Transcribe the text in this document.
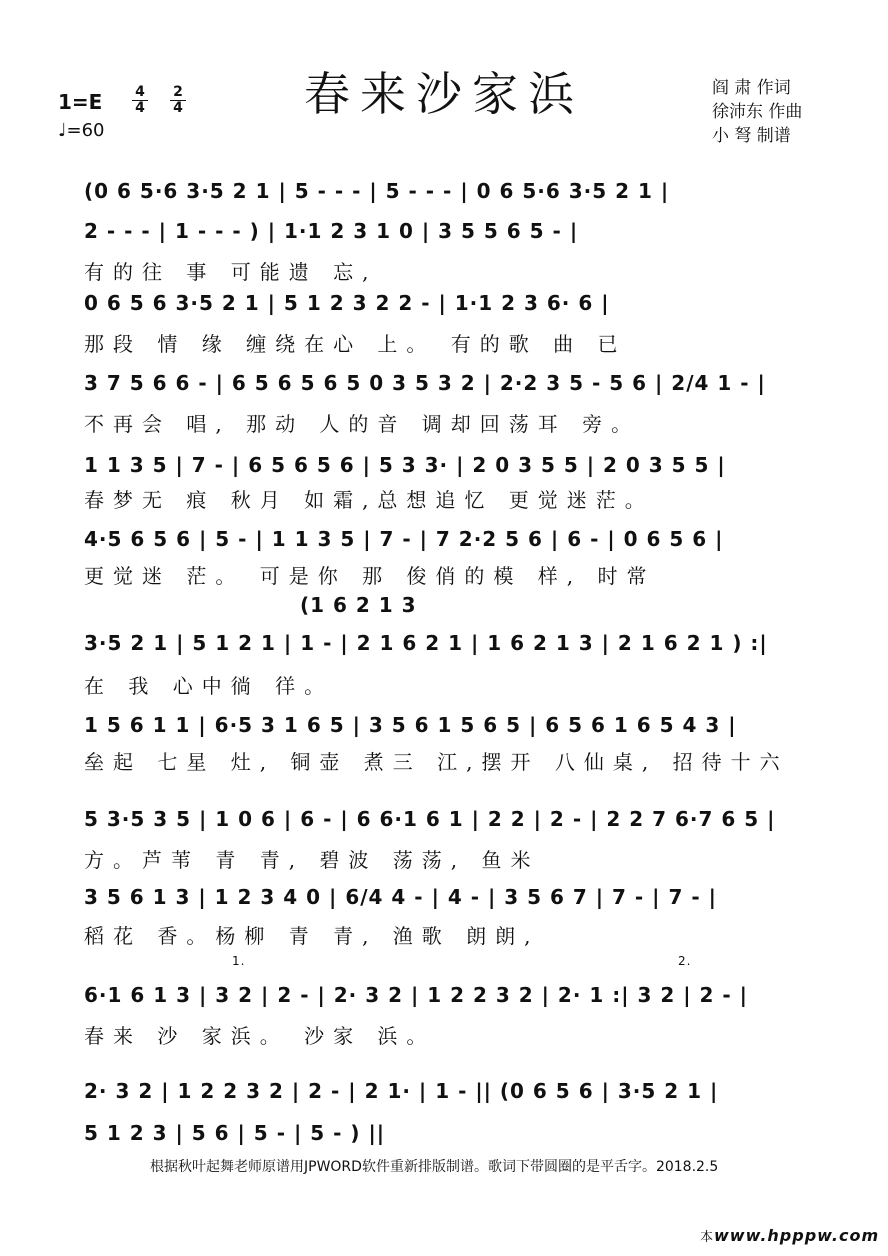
春来沙家浜	阎 肃 作词
徐沛东 作曲
小 弩 制谱
1=E 4
4
2
4
♩=60
(0 6 5·6 3·5 2 1 | 5 - - - | 5 - - - | 0 6 5·6 3·5 2 1 |
2 - - - | 1 - - - ) | 1·1 2 3 1 0 | 3 5 5 6 5 - |
有的往 事 可能遗 忘,
0 6 5 6 3·5 2 1 | 5 1 2 3 2 2 - | 1·1 2 3 6· 6 |
那段 情 缘 缠绕在心 上。 有的歌 曲 已
3 7 5 6 6 - | 6 5 6 5 6 5 0 3 5 3 2 | 2·2 3 5 - 5 6 | 2/4 1 - |
不再会 唱, 那动 人的音 调却回荡耳 旁。
1 1 3 5 | 7 - | 6 5 6 5 6 | 5 3 3· | 2 0 3 5 5 | 2 0 3 5 5 |
春梦无 痕 秋月 如霜,总想追忆 更觉迷茫。
4·5 6 5 6 | 5 - | 1 1 3 5 | 7 - | 7 2·2 5 6 | 6 - | 0 6 5 6 |
更觉迷 茫。 可是你 那 俊俏的模 样, 时常
(1 6 2 1 3
3·5 2 1 | 5 1 2 1 | 1 - | 2 1 6 2 1 | 1 6 2 1 3 | 2 1 6 2 1 ) :|
在 我 心中徜 徉。
1 5 6 1 1 | 6·5 3 1 6 5 | 3 5 6 1 5 6 5 | 6 5 6 1 6 5 4 3 |
垒起 七星 灶, 铜壶 煮三 江,摆开 八仙桌, 招待十六
5 3·5 3 5 | 1 0 6 | 6 - | 6 6·1 6 1 | 2 2 | 2 - | 2 2 7 6·7 6 5 |
方。芦苇 青 青, 碧波 荡荡, 鱼米
3 5 6 1 3 | 1 2 3 4 0 | 6/4 4 - | 4 - | 3 5 6 7 | 7 - | 7 - |
稻花 香。杨柳 青 青, 渔歌 朗朗,
1.	2.
6·1 6 1 3 | 3 2 | 2 - | 2· 3 2 | 1 2 2 3 2 | 2· 1 :| 3 2 | 2 - |
春来 沙 家浜。 沙家 浜。
2· 3 2 | 1 2 2 3 2 | 2 - | 2 1· | 1 - || (0 6 5 6 | 3·5 2 1 |
5 1 2 3 | 5 6 | 5 - | 5 - ) ||
根据秋叶起舞老师原谱用JPWORD软件重新排版制谱。歌词下带圆圈的是平舌字。2018.2.5
本www.hpppw.com
